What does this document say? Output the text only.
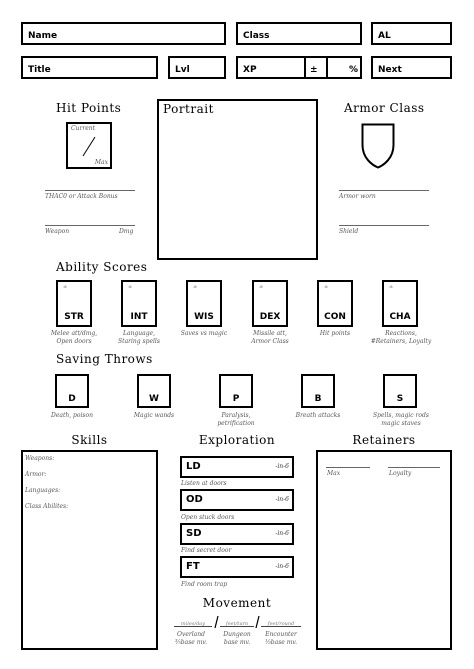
Name	Class	AL
Title	Lvl	XP	±	% Next
Hit Points
Current
Max
THAC0 or Attack Bonus
Weapon	Dmg
Portrait	Armor Class
Armor worn
Shield
Ability Scores
±
STR
±
INT
±
WIS
±
DEX
±
CON
±
CHA
Melee att/dmg,
Open doors
Language,
Staring spells
Saves vs magic	Missile att,
Armor Class
Hit points	Reactions,
#Retainers, Loyalty
Saving Throws
D	W	P	B	S
Death, poison	Magic wands	Paralysis,
petrification
Breath attacks	Spells, magic rods
magic staves
Skills
Weapons:
Armor:
Languages:
Class Abilites:
Exploration
LD	-in-6
Listen at doors
OD	-in-6
Open stuck doors
SD	-in-6
Find secret door
FT	-in-6
Find room trap
Movement
miles/day	feet/turn	feet/round
Overland	Dungeon	Encounter
⅗base mv.	base mv.	⅓base mv.
Retainers
Max	Loyalty
